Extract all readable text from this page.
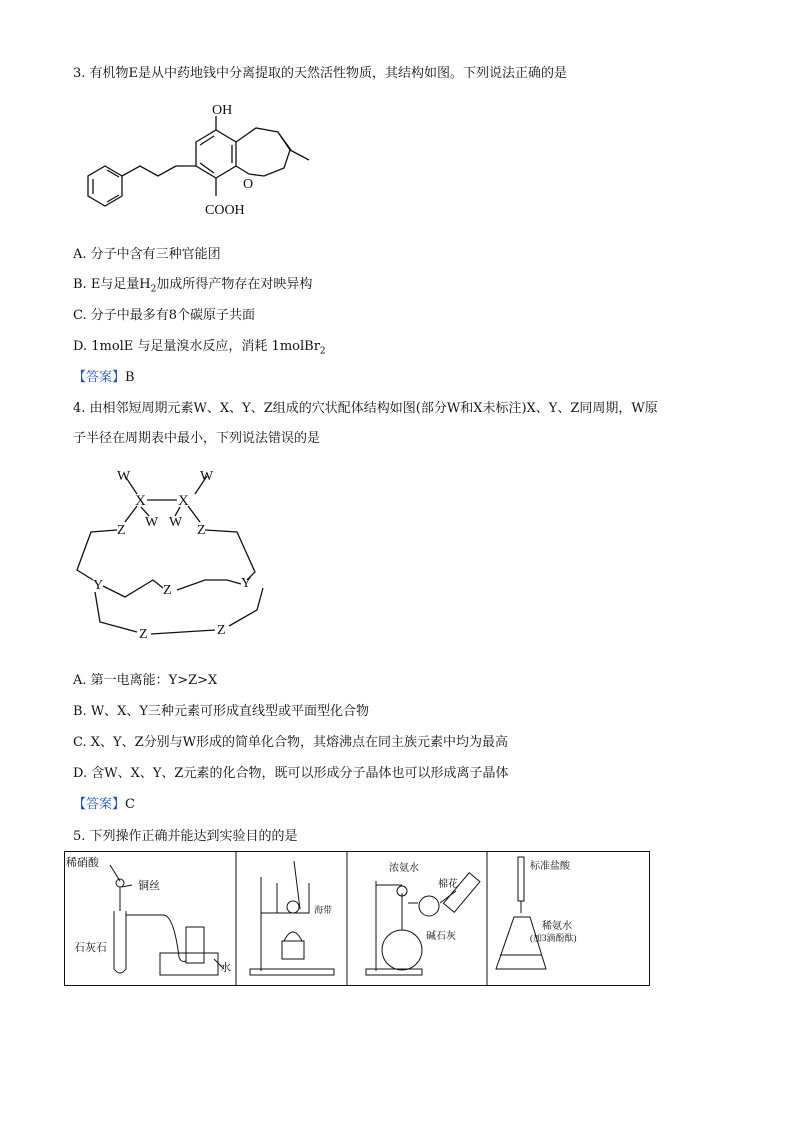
3. 有机物E是从中药地钱中分离提取的天然活性物质，其结构如图。下列说法正确的是
OH
O
COOH
A. 分子中含有三种官能团
B. E与足量$H_2$加成所得产物存在对映异构
C. 分子中最多有8个碳原子共面
D. 1molE 与足量溴水反应，消耗 1molBr$_2$
【答案】B
4. 由相邻短周期元素W、X、Y、Z组成的穴状配体结构如图(部分W和X未标注)X、Y、Z同周期，W原
子半径在周期表中最小，下列说法错误的是
W	W
X X
W W
Z	Z
Y	Z	Y
Z	Z
A. 第一电离能：Y>Z>X
B. W、X、Y三种元素可形成直线型或平面型化合物
C. X、Y、Z分别与W形成的简单化合物，其熔沸点在同主族元素中均为最高
D. 含W、X、Y、Z元素的化合物，既可以形成分子晶体也可以形成离子晶体
【答案】C
5. 下列操作正确并能达到实验目的的是
稀硝酸
铜丝
石灰石
水
海带
浓氨水
棉花
碱石灰
标准盐酸
稀氨水
(加3滴酚酞)
